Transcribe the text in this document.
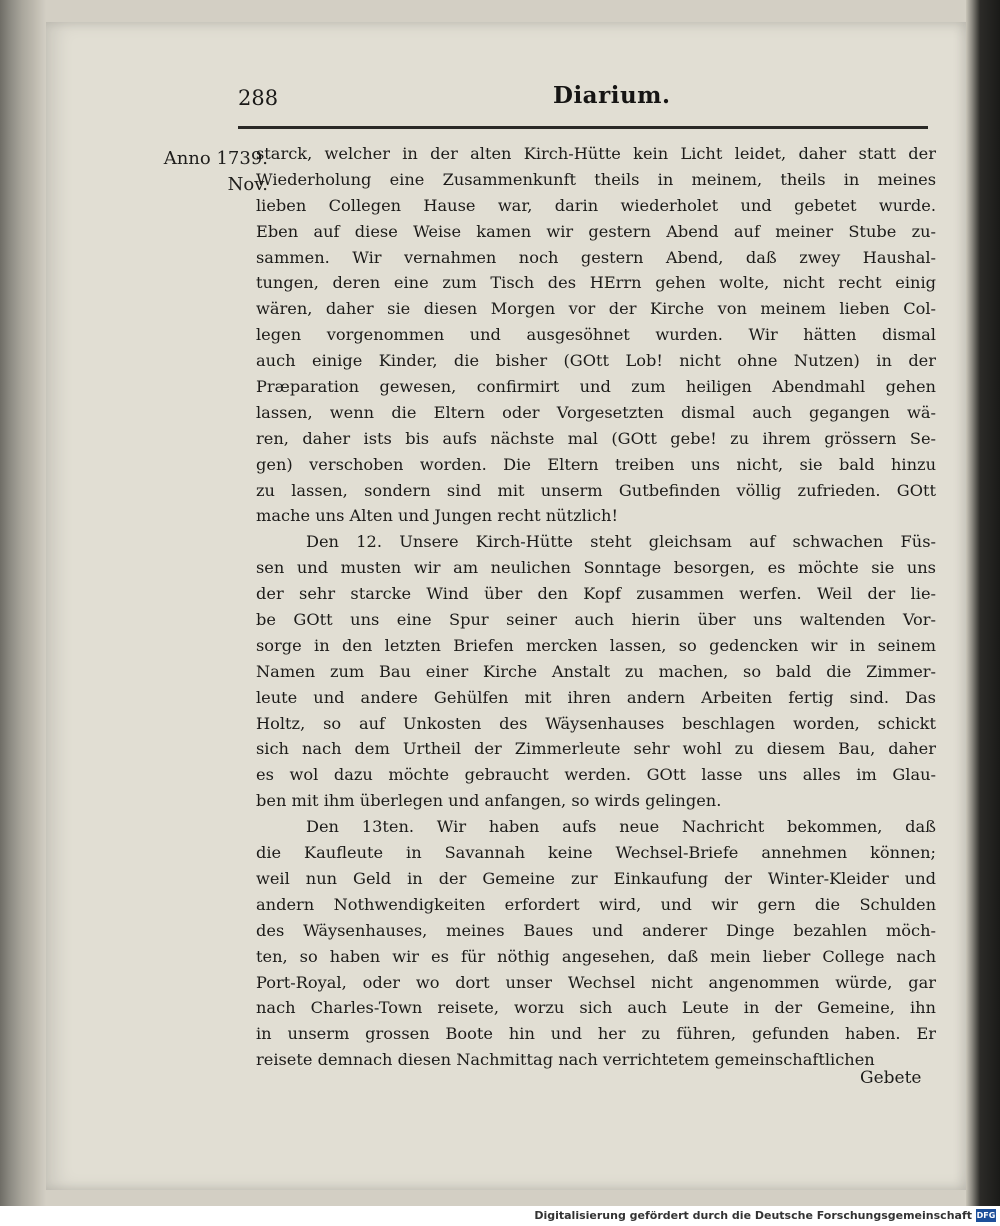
288	Diarium.
Anno 1739.
Nov.
starck, welcher in der alten Kirch-Hütte kein Licht leidet, daher statt der
Wiederholung eine Zusammenkunft theils in meinem, theils in meines
lieben Collegen Hause war, darin wiederholet und gebetet wurde.
Eben auf diese Weise kamen wir gestern Abend auf meiner Stube zu-
sammen. Wir vernahmen noch gestern Abend, daß zwey Haushal-
tungen, deren eine zum Tisch des HErrn gehen wolte, nicht recht einig
wären, daher sie diesen Morgen vor der Kirche von meinem lieben Col-
legen vorgenommen und ausgesöhnet wurden. Wir hätten dismal
auch einige Kinder, die bisher (GOtt Lob! nicht ohne Nutzen) in der
Præparation gewesen, confirmirt und zum heiligen Abendmahl gehen
lassen, wenn die Eltern oder Vorgesetzten dismal auch gegangen wä-
ren, daher ists bis aufs nächste mal (GOtt gebe! zu ihrem grössern Se-
gen) verschoben worden. Die Eltern treiben uns nicht, sie bald hinzu
zu lassen, sondern sind mit unserm Gutbefinden völlig zufrieden. GOtt
mache uns Alten und Jungen recht nützlich!
Den 12. Unsere Kirch-Hütte steht gleichsam auf schwachen Füs-
sen und musten wir am neulichen Sonntage besorgen, es möchte sie uns
der sehr starcke Wind über den Kopf zusammen werfen. Weil der lie-
be GOtt uns eine Spur seiner auch hierin über uns waltenden Vor-
sorge in den letzten Briefen mercken lassen, so gedencken wir in seinem
Namen zum Bau einer Kirche Anstalt zu machen, so bald die Zimmer-
leute und andere Gehülfen mit ihren andern Arbeiten fertig sind. Das
Holtz, so auf Unkosten des Wäysenhauses beschlagen worden, schickt
sich nach dem Urtheil der Zimmerleute sehr wohl zu diesem Bau, daher
es wol dazu möchte gebraucht werden. GOtt lasse uns alles im Glau-
ben mit ihm überlegen und anfangen, so wirds gelingen.
Den 13ten. Wir haben aufs neue Nachricht bekommen, daß
die Kaufleute in Savannah keine Wechsel-Briefe annehmen können;
weil nun Geld in der Gemeine zur Einkaufung der Winter-Kleider und
andern Nothwendigkeiten erfordert wird, und wir gern die Schulden
des Wäysenhauses, meines Baues und anderer Dinge bezahlen möch-
ten, so haben wir es für nöthig angesehen, daß mein lieber College nach
Port-Royal, oder wo dort unser Wechsel nicht angenommen würde, gar
nach Charles-Town reisete, worzu sich auch Leute in der Gemeine, ihn
in unserm grossen Boote hin und her zu führen, gefunden haben. Er
reisete demnach diesen Nachmittag nach verrichtetem gemeinschaftlichen
Gebete
Digitalisierung gefördert durch die Deutsche Forschungsgemeinschaft DFG
